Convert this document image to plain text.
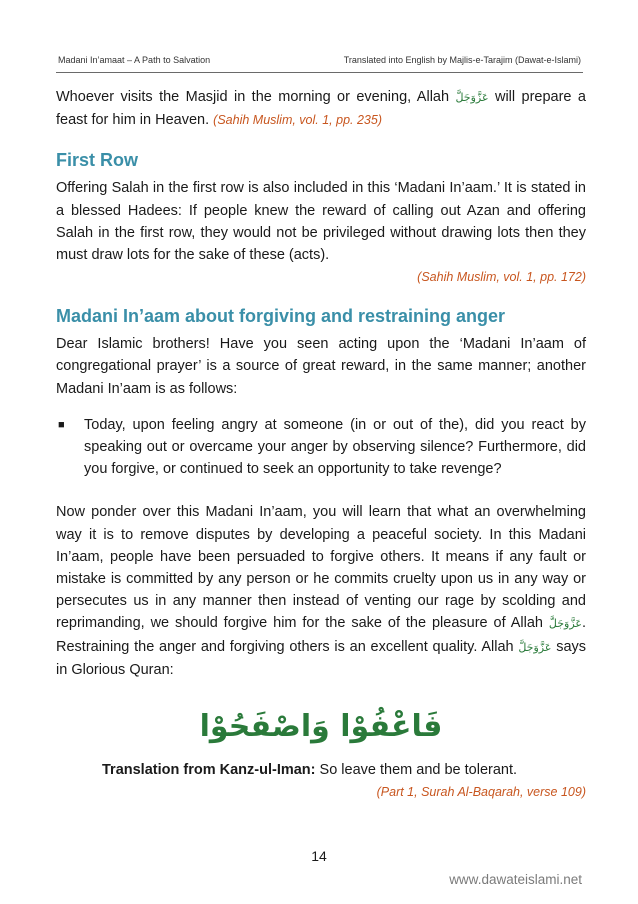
Madani In’amaat – A Path to Salvation	Translated into English by Majlis-e-Tarajim (Dawat-e-Islami)

Whoever visits the Masjid in the morning or evening, Allah عَزَّوَجَلَّ will prepare a feast for him in Heaven. (Sahih Muslim, vol. 1, pp. 235)

First Row

Offering Salah in the first row is also included in this ‘Madani In’aam.’ It is stated in a blessed Hadees: If people knew the reward of calling out Azan and offering Salah in the first row, they would not be privileged without drawing lots then they must draw lots for the sake of these (acts).

(Sahih Muslim, vol. 1, pp. 172)
Madani In’aam about forgiving and restraining anger

Dear Islamic brothers! Have you seen acting upon the ‘Madani In’aam of congregational prayer’ is a source of great reward, in the same manner; another Madani In’aam is as follows:

■	Today, upon feeling angry at someone (in or out of the), did you react by speaking out or overcame your anger by observing silence? Furthermore, did you forgive, or continued to seek an opportunity to take revenge?

Now ponder over this Madani In’aam, you will learn that what an overwhelming way it is to remove disputes by developing a peaceful society. In this Madani In’aam, people have been persuaded to forgive others. It means if any fault or mistake is committed by any person or he commits cruelty upon us in any way or persecutes us in any manner then instead of venting our rage by scolding and reprimanding, we should forgive him for the sake of the pleasure of Allah عَزَّوَجَلَّ. Restraining the anger and forgiving others is an excellent quality. Allah عَزَّوَجَلَّ says in Glorious Quran:

فَاعْفُوْا وَاصْفَحُوْا
Translation from Kanz-ul-Iman: So leave them and be tolerant.
(Part 1, Surah Al-Baqarah, verse 109)
14
www.dawateislami.net
